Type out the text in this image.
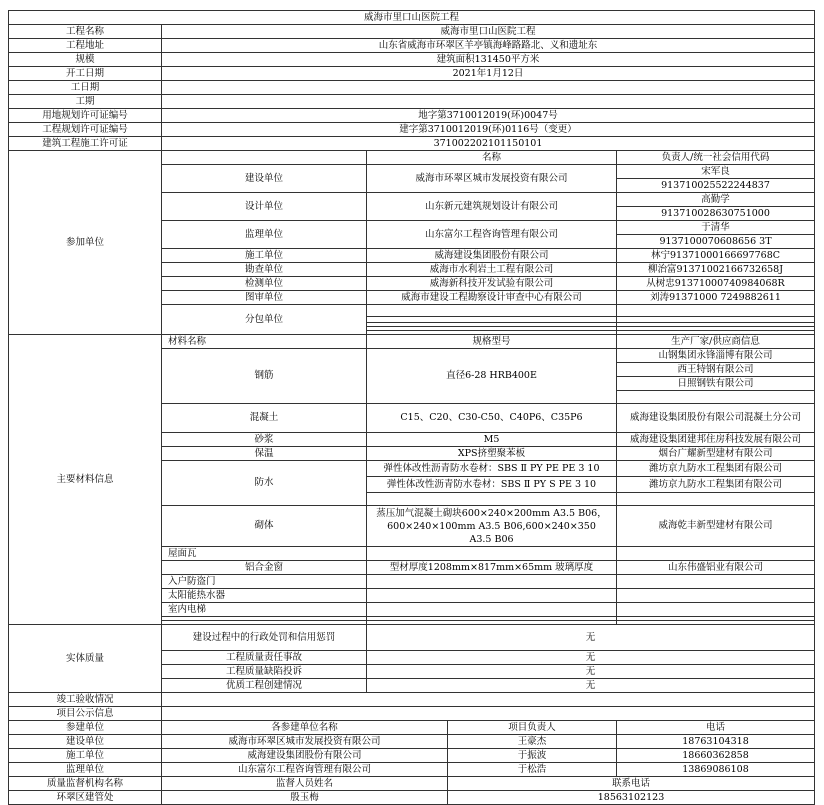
威海市里口山医院工程				
工程名称	威海市里口山医院工程			
工程地址	山东省威海市环翠区羊亭镇海峰路路北、义和遗址东			
规模	建筑面积131450平方米			
开工日期	2021年1月12日			
工日期				
工期				
用地规划许可证编号	地字第3710012019(环)0047号			
工程规划许可证编号	建字第3710012019(环)0116号（变更）			
建筑工程施工许可证	371002202101150101			
参加单位		名称		负责人/统一社会信用代码
	建设单位	威海市环翠区城市发展投资有限公司		宋军良
				913710025522244837
	设计单位	山东新元建筑规划设计有限公司		高勤学
				913710028630751000
	监理单位	山东富尔工程咨询管理有限公司		于清华
				9137100070608656 3T
	施工单位	威海建设集团股份有限公司		林宁91371000166697768C
	勘查单位	威海市水利岩土工程有限公司		柳治富91371002166732658J
	检测单位	威海新科技开发试验有限公司		从树忠91371000740984068R
	图审单位	威海市建设工程勘察设计审查中心有限公司		刘涛91371000 7249882611
	分包单位			

主要材料信息	材料名称	规格型号		生产厂家/供应商信息
	钢筋	直径6-28 HRB400E		山钢集团永锋淄博有限公司
				西王特钢有限公司
				日照钢铁有限公司

	混凝土	C15、C20、C30-C50、C40P6、C35P6		威海建设集团股份有限公司混凝土分公司
	砂浆	M5		威海建设集团建邦住房科技发展有限公司
	保温	XPS挤塑聚苯板		烟台广耀新型建材有限公司
	防水	弹性体改性沥青防水卷材：SBS Ⅱ PY PE PE 3 10		潍坊京九防水工程集团有限公司
		弹性体改性沥青防水卷材：SBS Ⅱ PY S PE 3 10		潍坊京九防水工程集团有限公司

	砌体	蒸压加气混凝土砌块600×240×200mm A3.5 B06，600×240×100mm A3.5 B06,600×240×350 A3.5 B06		威海乾丰新型建材有限公司
	屋面瓦			
	铝合金窗	型材厚度1208mm×817mm×65mm 玻璃厚度		山东伟盛铝业有限公司
	入户防盗门			
	太阳能热水器			
	室内电梯			

实体质量	建设过程中的行政处罚和信用惩罚	无		
	工程质量责任事故	无		
	工程质量缺陷投诉	无		
	优质工程创建情况	无		
竣工验收情况				
项目公示信息				
参建单位	各参建单位名称		项目负责人	电话
建设单位	威海市环翠区城市发展投资有限公司		王豪杰	18763104318
施工单位	威海建设集团股份有限公司		于振波	18660362858
监理单位	山东富尔工程咨询管理有限公司		于松浩	13869086108
质量监督机构名称	监督人员姓名		联系电话	
环翠区建管处	殷玉梅		18563102123	
